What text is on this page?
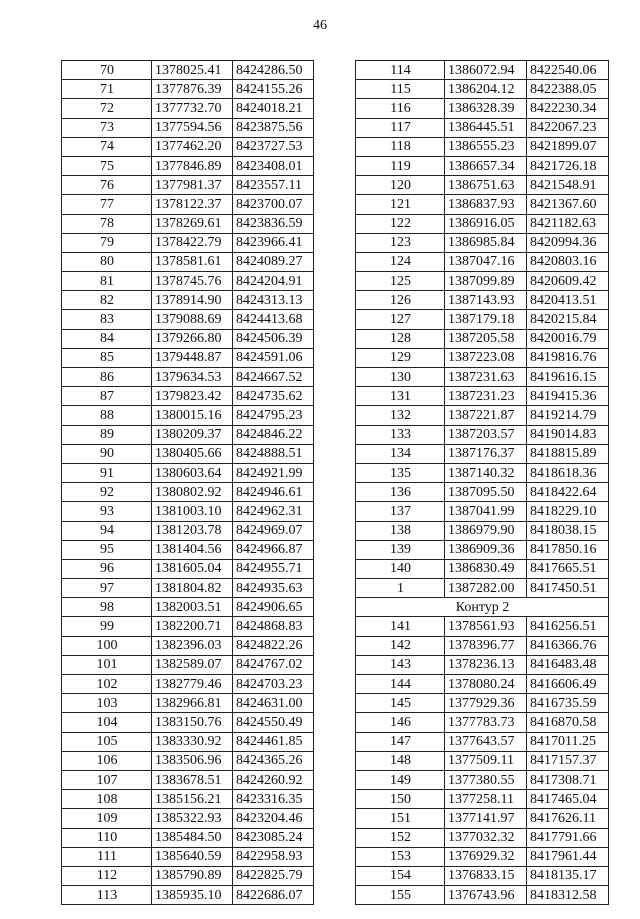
46
70	1378025.41	8424286.50
71	1377876.39	8424155.26
72	1377732.70	8424018.21
73	1377594.56	8423875.56
74	1377462.20	8423727.53
75	1377846.89	8423408.01
76	1377981.37	8423557.11
77	1378122.37	8423700.07
78	1378269.61	8423836.59
79	1378422.79	8423966.41
80	1378581.61	8424089.27
81	1378745.76	8424204.91
82	1378914.90	8424313.13
83	1379088.69	8424413.68
84	1379266.80	8424506.39
85	1379448.87	8424591.06
86	1379634.53	8424667.52
87	1379823.42	8424735.62
88	1380015.16	8424795.23
89	1380209.37	8424846.22
90	1380405.66	8424888.51
91	1380603.64	8424921.99
92	1380802.92	8424946.61
93	1381003.10	8424962.31
94	1381203.78	8424969.07
95	1381404.56	8424966.87
96	1381605.04	8424955.71
97	1381804.82	8424935.63
98	1382003.51	8424906.65
99	1382200.71	8424868.83
100	1382396.03	8424822.26
101	1382589.07	8424767.02
102	1382779.46	8424703.23
103	1382966.81	8424631.00
104	1383150.76	8424550.49
105	1383330.92	8424461.85
106	1383506.96	8424365.26
107	1383678.51	8424260.92
108	1385156.21	8423316.35
109	1385322.93	8423204.46
110	1385484.50	8423085.24
111	1385640.59	8422958.93
112	1385790.89	8422825.79
113	1385935.10	8422686.07
114	1386072.94	8422540.06
115	1386204.12	8422388.05
116	1386328.39	8422230.34
117	1386445.51	8422067.23
118	1386555.23	8421899.07
119	1386657.34	8421726.18
120	1386751.63	8421548.91
121	1386837.93	8421367.60
122	1386916.05	8421182.63
123	1386985.84	8420994.36
124	1387047.16	8420803.16
125	1387099.89	8420609.42
126	1387143.93	8420413.51
127	1387179.18	8420215.84
128	1387205.58	8420016.79
129	1387223.08	8419816.76
130	1387231.63	8419616.15
131	1387231.23	8419415.36
132	1387221.87	8419214.79
133	1387203.57	8419014.83
134	1387176.37	8418815.89
135	1387140.32	8418618.36
136	1387095.50	8418422.64
137	1387041.99	8418229.10
138	1386979.90	8418038.15
139	1386909.36	8417850.16
140	1386830.49	8417665.51
1	1387282.00	8417450.51
Контур 2		
141	1378561.93	8416256.51
142	1378396.77	8416366.76
143	1378236.13	8416483.48
144	1378080.24	8416606.49
145	1377929.36	8416735.59
146	1377783.73	8416870.58
147	1377643.57	8417011.25
148	1377509.11	8417157.37
149	1377380.55	8417308.71
150	1377258.11	8417465.04
151	1377141.97	8417626.11
152	1377032.32	8417791.66
153	1376929.32	8417961.44
154	1376833.15	8418135.17
155	1376743.96	8418312.58
